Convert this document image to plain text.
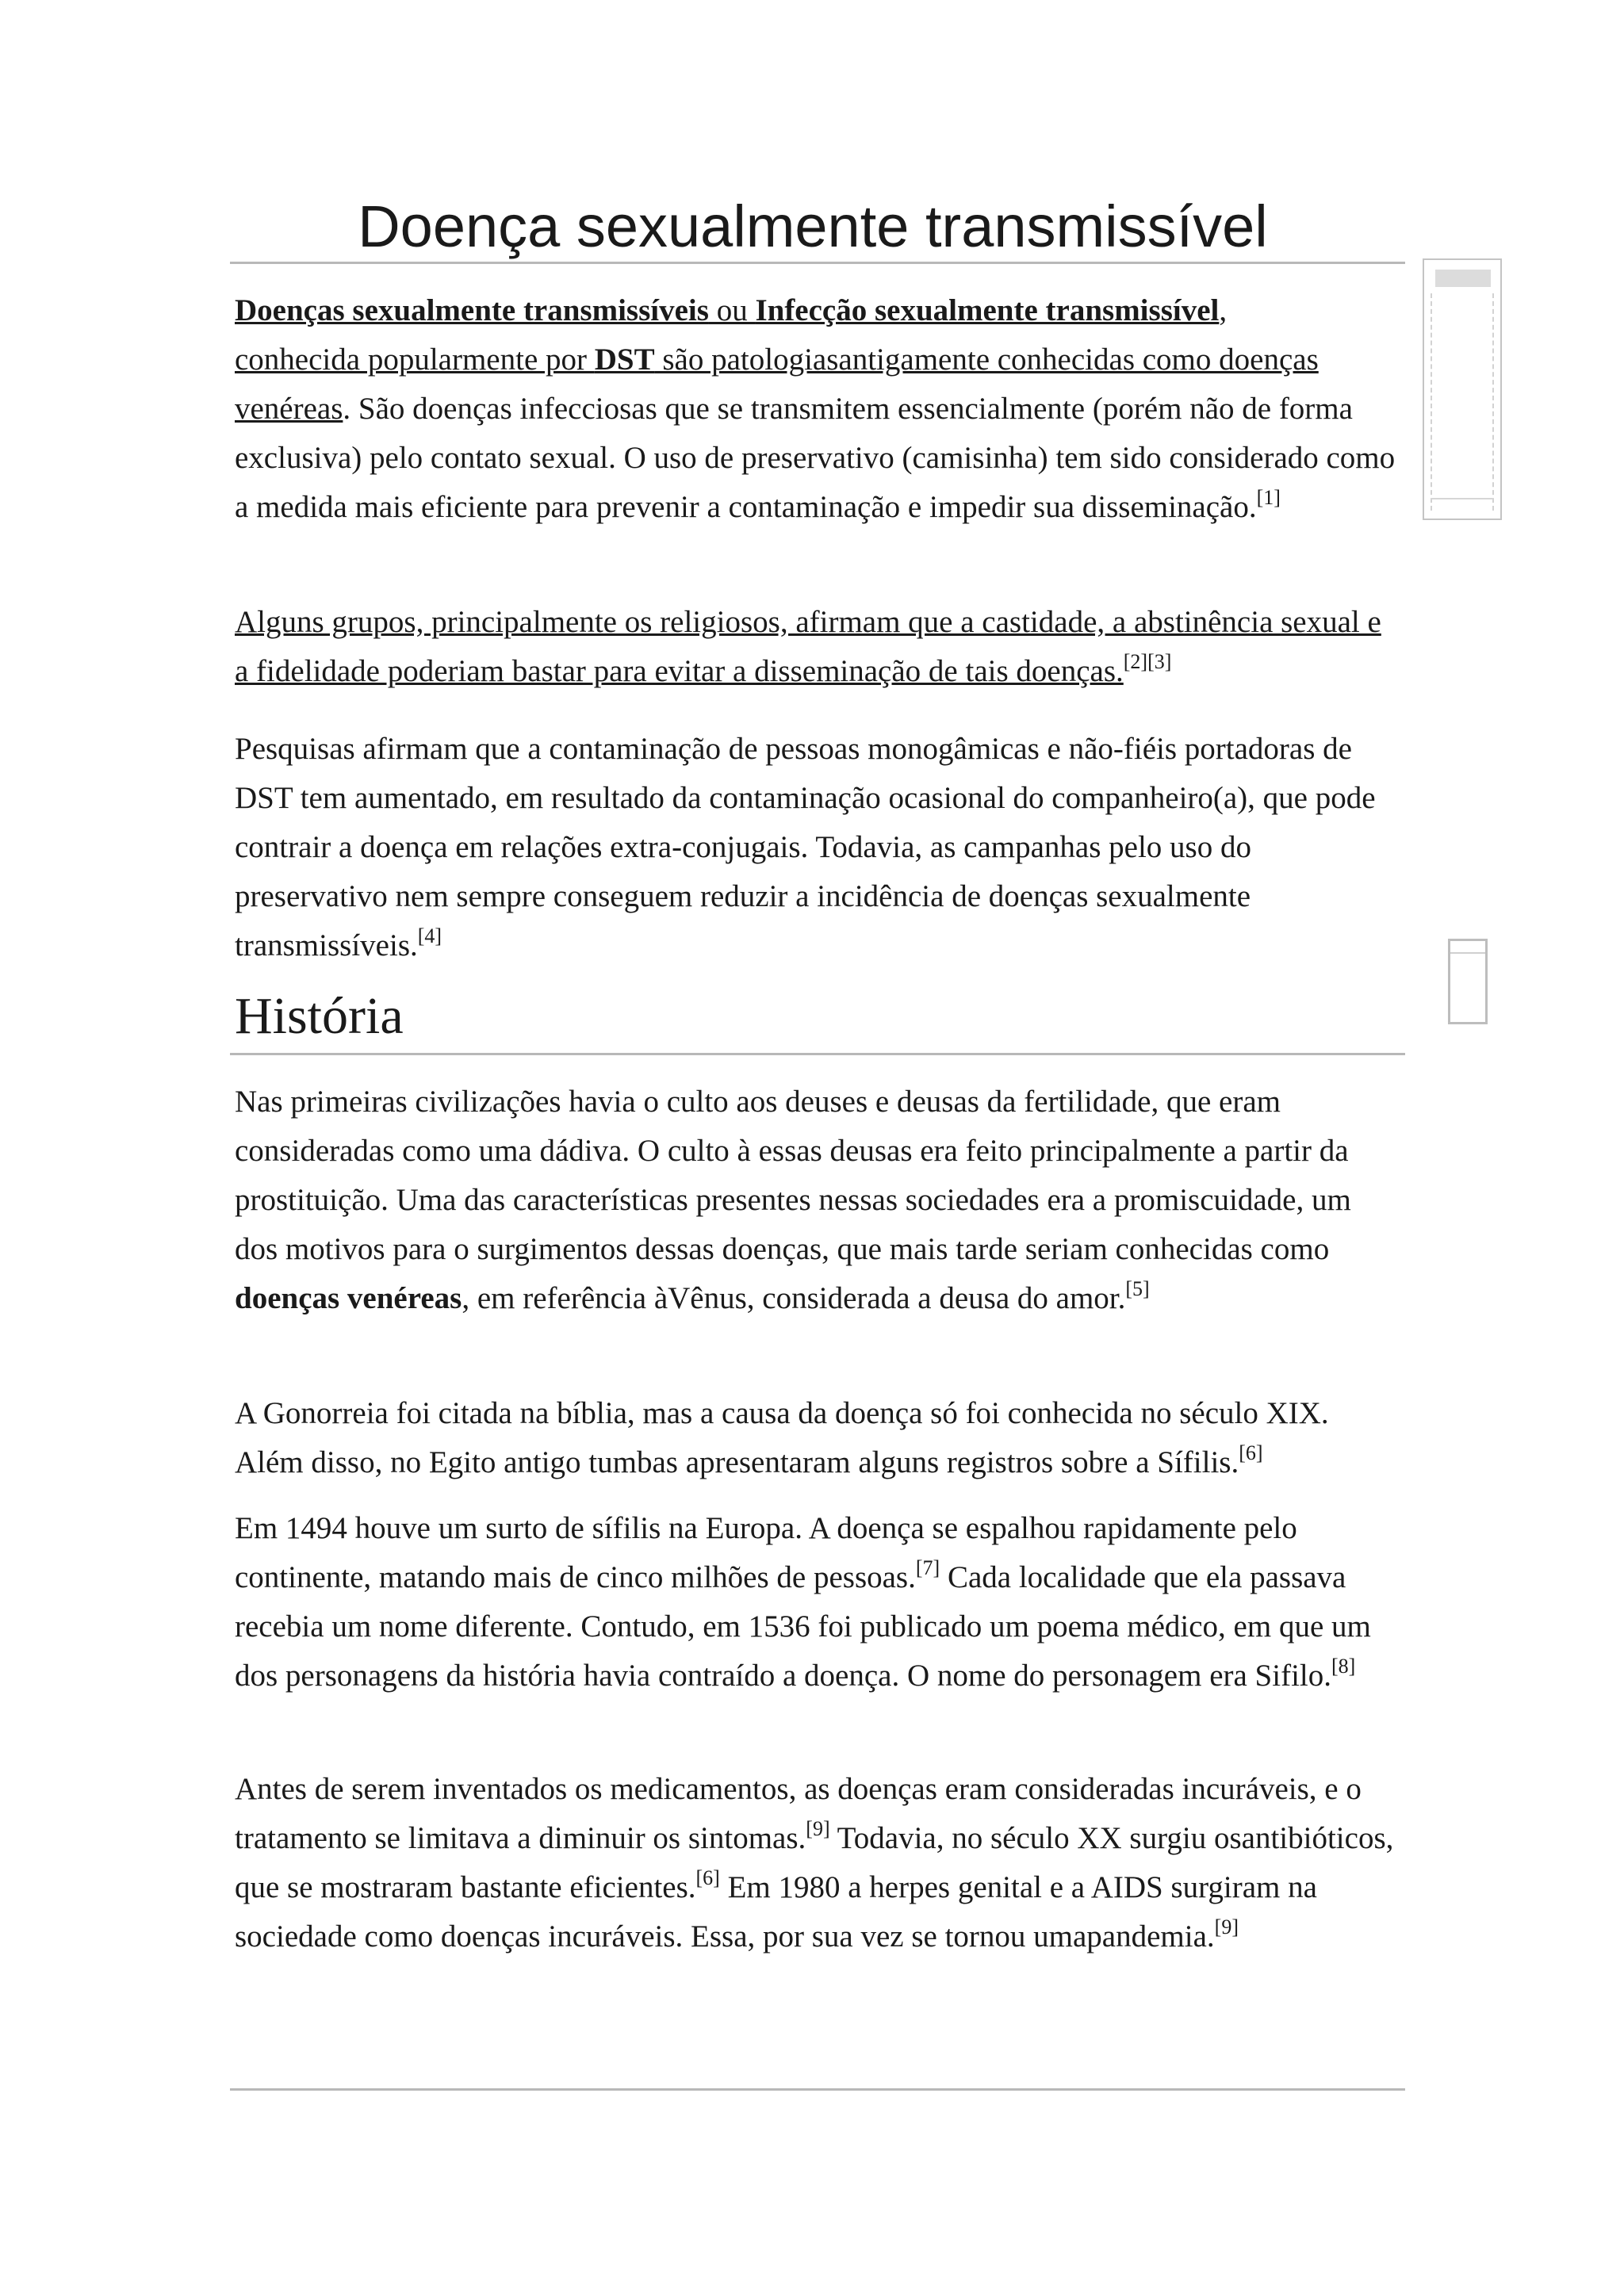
Doença sexualmente transmissível

Doenças sexualmente transmissíveis ou Infecção sexualmente transmissível,
conhecida popularmente por DST são patologiasantigamente conhecidas como doenças venéreas. São doenças infecciosas que se transmitem essencialmente (porém não de forma exclusiva) pelo contato sexual. O uso de preservativo (camisinha) tem sido considerado como a medida mais eficiente para prevenir a contaminação e impedir sua disseminação.[1]

Alguns grupos, principalmente os religiosos, afirmam que a castidade, a abstinência sexual e a fidelidade poderiam bastar para evitar a disseminação de tais doenças.[2][3]

Pesquisas afirmam que a contaminação de pessoas monogâmicas e não-fiéis portadoras de DST tem aumentado, em resultado da contaminação ocasional do companheiro(a), que pode contrair a doença em relações extra-conjugais. Todavia, as campanhas pelo uso do preservativo nem sempre conseguem reduzir a incidência de doenças sexualmente transmissíveis.[4]

História

Nas primeiras civilizações havia o culto aos deuses e deusas da fertilidade, que eram consideradas como uma dádiva. O culto à essas deusas era feito principalmente a partir da prostituição. Uma das características presentes nessas sociedades era a promiscuidade, um dos motivos para o surgimentos dessas doenças, que mais tarde seriam conhecidas como doenças venéreas, em referência àVênus, considerada a deusa do amor.[5]

A Gonorreia foi citada na bíblia, mas a causa da doença só foi conhecida no século XIX. Além disso, no Egito antigo tumbas apresentaram alguns registros sobre a Sífilis.[6]

Em 1494 houve um surto de sífilis na Europa. A doença se espalhou rapidamente pelo continente, matando mais de cinco milhões de pessoas.[7] Cada localidade que ela passava recebia um nome diferente. Contudo, em 1536 foi publicado um poema médico, em que um dos personagens da história havia contraído a doença. O nome do personagem era Sifilo.[8]

Antes de serem inventados os medicamentos, as doenças eram consideradas incuráveis, e o tratamento se limitava a diminuir os sintomas.[9] Todavia, no século XX surgiu osantibióticos, que se mostraram bastante eficientes.[6] Em 1980 a herpes genital e a AIDS surgiram na sociedade como doenças incuráveis. Essa, por sua vez se tornou umapandemia.[9]
